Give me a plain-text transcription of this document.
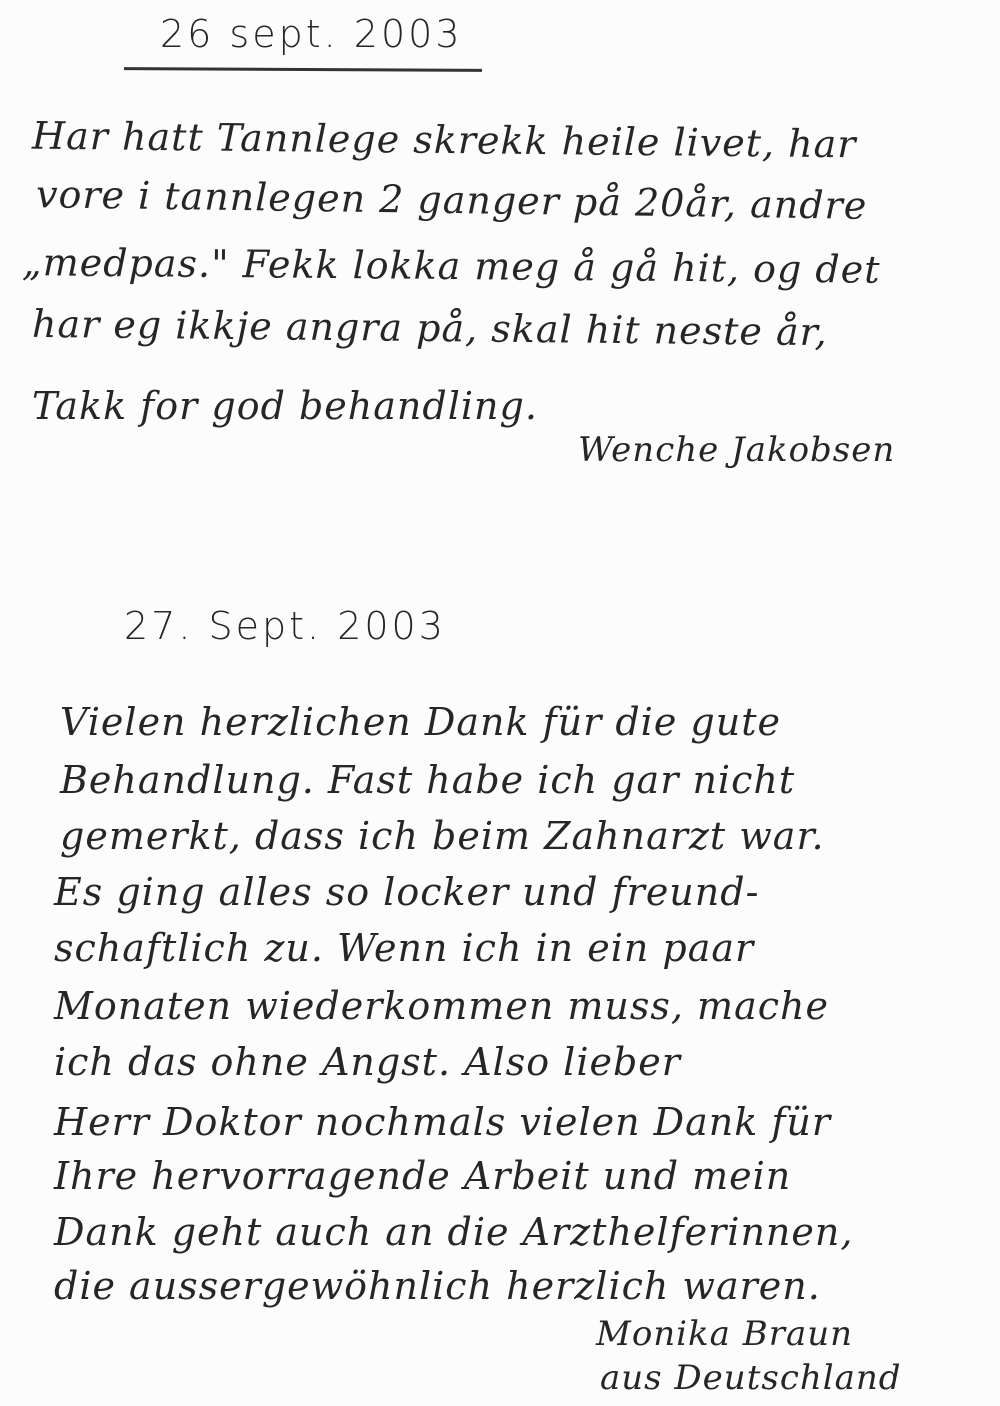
26 sept. 2003
Har hatt Tannlege skrekk heile livet, har
vore i tannlegen 2 ganger på 20år, andre
„medpas." Fekk lokka meg å gå hit, og det
har eg ikkje angra på, skal hit neste år,
Takk for god behandling.
Wenche Jakobsen
27. Sept. 2003
Vielen herzlichen Dank für die gute
Behandlung. Fast habe ich gar nicht
gemerkt, dass ich beim Zahnarzt war.
Es ging alles so locker und freund-
schaftlich zu. Wenn ich in ein paar
Monaten wiederkommen muss, mache
ich das ohne Angst. Also lieber
Herr Doktor nochmals vielen Dank für
Ihre hervorragende Arbeit und mein
Dank geht auch an die Arzthelferinnen,
die aussergewöhnlich herzlich waren.
Monika Braun
aus Deutschland
